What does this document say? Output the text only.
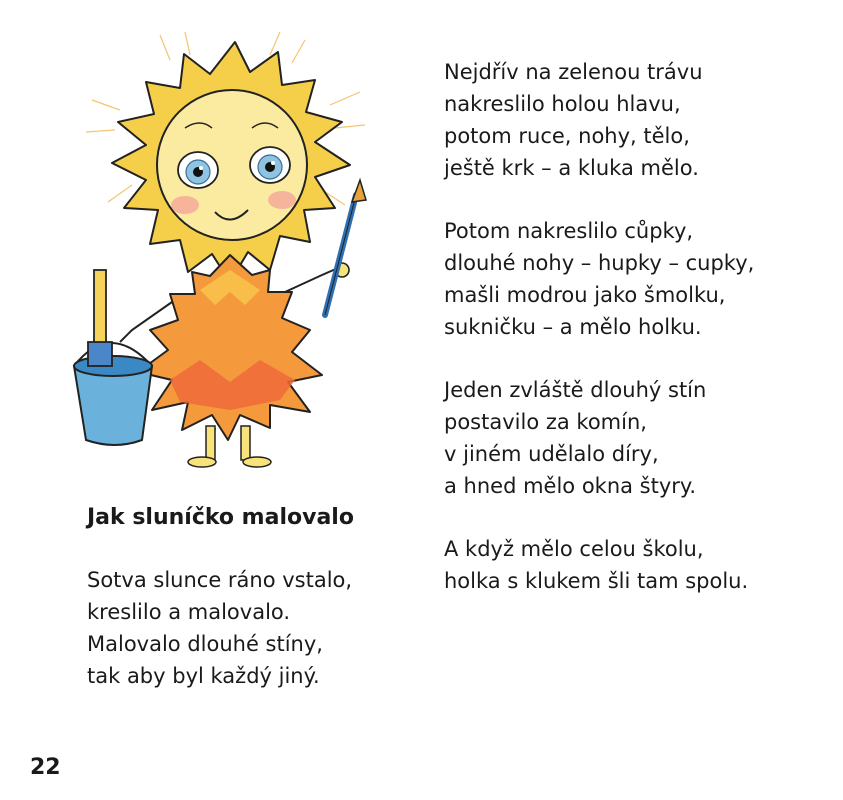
Jak sluníčko malovalo

Sotva slunce ráno vstalo,
kreslilo a malovalo.
Malovalo dlouhé stíny,
tak aby byl každý jiný.

Nejdřív na zelenou trávu
nakreslilo holou hlavu,
potom ruce, nohy, tělo,
ještě krk – a kluka mělo.

Potom nakreslilo cůpky,
dlouhé nohy – hupky – cupky,
mašli modrou jako šmolku,
sukničku – a mělo holku.

Jeden zvláště dlouhý stín
postavilo za komín,
v jiném udělalo díry,
a hned mělo okna štyry.

A když mělo celou školu,
holka s klukem šli tam spolu.

22
